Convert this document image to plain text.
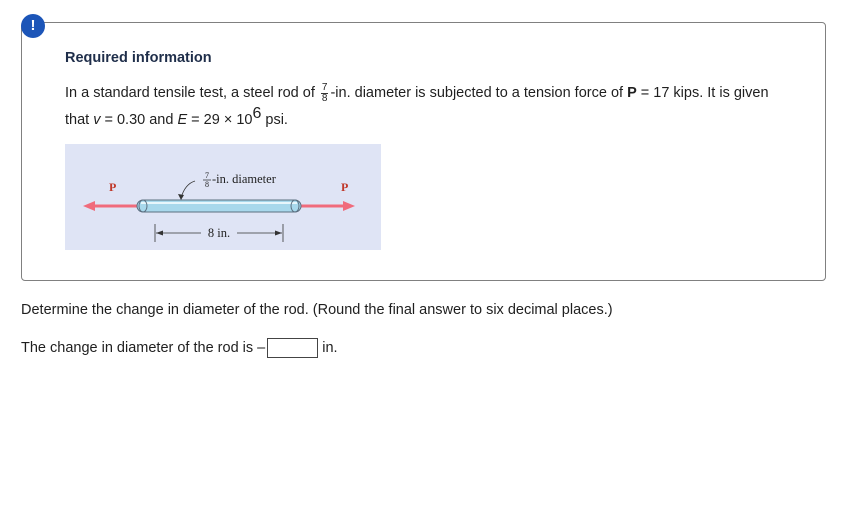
!
Required information

In a standard tensile test, a steel rod of $\frac{7}{8} -in$. diameter is subjected to a tension force of P = 17 kips. It is given that v = 0.30 and $E = 29 \times 10^6$ psi.

P	P
7
8 -in. diameter
8 in.

Determine the change in diameter of the rod. (Round the final answer to six decimal places.)

The change in diameter of the rod is –	in.
